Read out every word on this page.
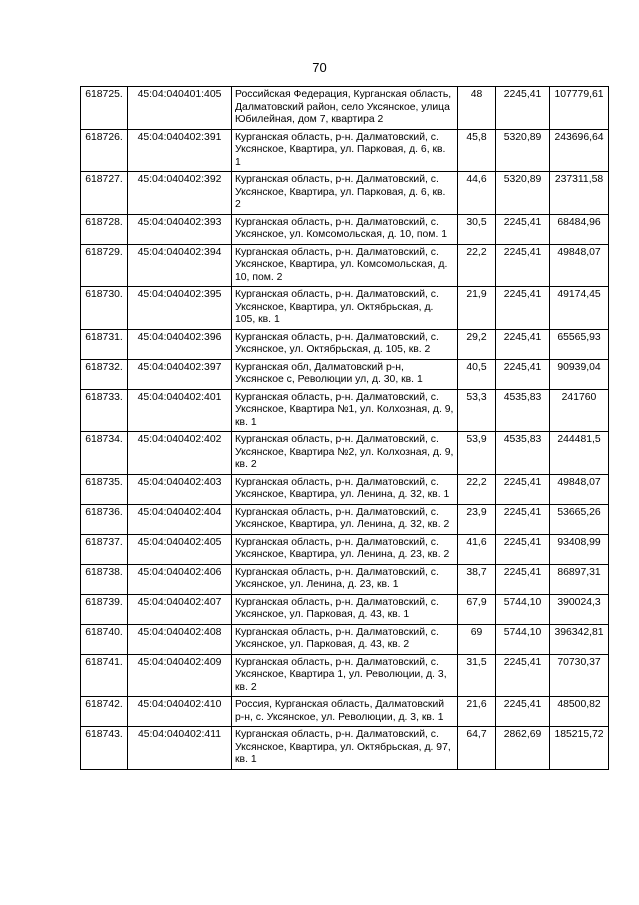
70
618725.	45:04:040401:405	Российская Федерация, Курганская область, Далматовский район, село Уксянское, улица Юбилейная, дом 7, квартира 2	48	2245,41	107779,61
618726.	45:04:040402:391	Курганская область, р-н. Далматовский, с. Уксянское, Квартира, ул. Парковая, д. 6, кв. 1	45,8	5320,89	243696,64
618727.	45:04:040402:392	Курганская область, р-н. Далматовский, с. Уксянское, Квартира, ул. Парковая, д. 6, кв. 2	44,6	5320,89	237311,58
618728.	45:04:040402:393	Курганская область, р-н. Далматовский, с. Уксянское, ул. Комсомольская, д. 10, пом. 1	30,5	2245,41	68484,96
618729.	45:04:040402:394	Курганская область, р-н. Далматовский, с. Уксянское, Квартира, ул. Комсомольская, д. 10, пом. 2	22,2	2245,41	49848,07
618730.	45:04:040402:395	Курганская область, р-н. Далматовский, с. Уксянское, Квартира, ул. Октябрьская, д. 105, кв. 1	21,9	2245,41	49174,45
618731.	45:04:040402:396	Курганская область, р-н. Далматовский, с. Уксянское, ул. Октябрьская, д. 105, кв. 2	29,2	2245,41	65565,93
618732.	45:04:040402:397	Курганская обл, Далматовский р-н, Уксянское с, Революции ул, д. 30, кв. 1	40,5	2245,41	90939,04
618733.	45:04:040402:401	Курганская область, р-н. Далматовский, с. Уксянское, Квартира №1, ул. Колхозная, д. 9, кв. 1	53,3	4535,83	241760
618734.	45:04:040402:402	Курганская область, р-н. Далматовский, с. Уксянское, Квартира №2, ул. Колхозная, д. 9, кв. 2	53,9	4535,83	244481,5
618735.	45:04:040402:403	Курганская область, р-н. Далматовский, с. Уксянское, Квартира, ул. Ленина, д. 32, кв. 1	22,2	2245,41	49848,07
618736.	45:04:040402:404	Курганская область, р-н. Далматовский, с. Уксянское, Квартира, ул. Ленина, д. 32, кв. 2	23,9	2245,41	53665,26
618737.	45:04:040402:405	Курганская область, р-н. Далматовский, с. Уксянское, Квартира, ул. Ленина, д. 23, кв. 2	41,6	2245,41	93408,99
618738.	45:04:040402:406	Курганская область, р-н. Далматовский, с. Уксянское, ул. Ленина, д. 23, кв. 1	38,7	2245,41	86897,31
618739.	45:04:040402:407	Курганская область, р-н. Далматовский, с. Уксянское, ул. Парковая, д. 43, кв. 1	67,9	5744,10	390024,3
618740.	45:04:040402:408	Курганская область, р-н. Далматовский, с. Уксянское, ул. Парковая, д. 43, кв. 2	69	5744,10	396342,81
618741.	45:04:040402:409	Курганская область, р-н. Далматовский, с. Уксянское, Квартира 1, ул. Революции, д. 3, кв. 2	31,5	2245,41	70730,37
618742.	45:04:040402:410	Россия, Курганская область, Далматовский р-н, с. Уксянское, ул. Революции, д. 3, кв. 1	21,6	2245,41	48500,82
618743.	45:04:040402:411	Курганская область, р-н. Далматовский, с. Уксянское, Квартира, ул. Октябрьская, д. 97, кв. 1	64,7	2862,69	185215,72
